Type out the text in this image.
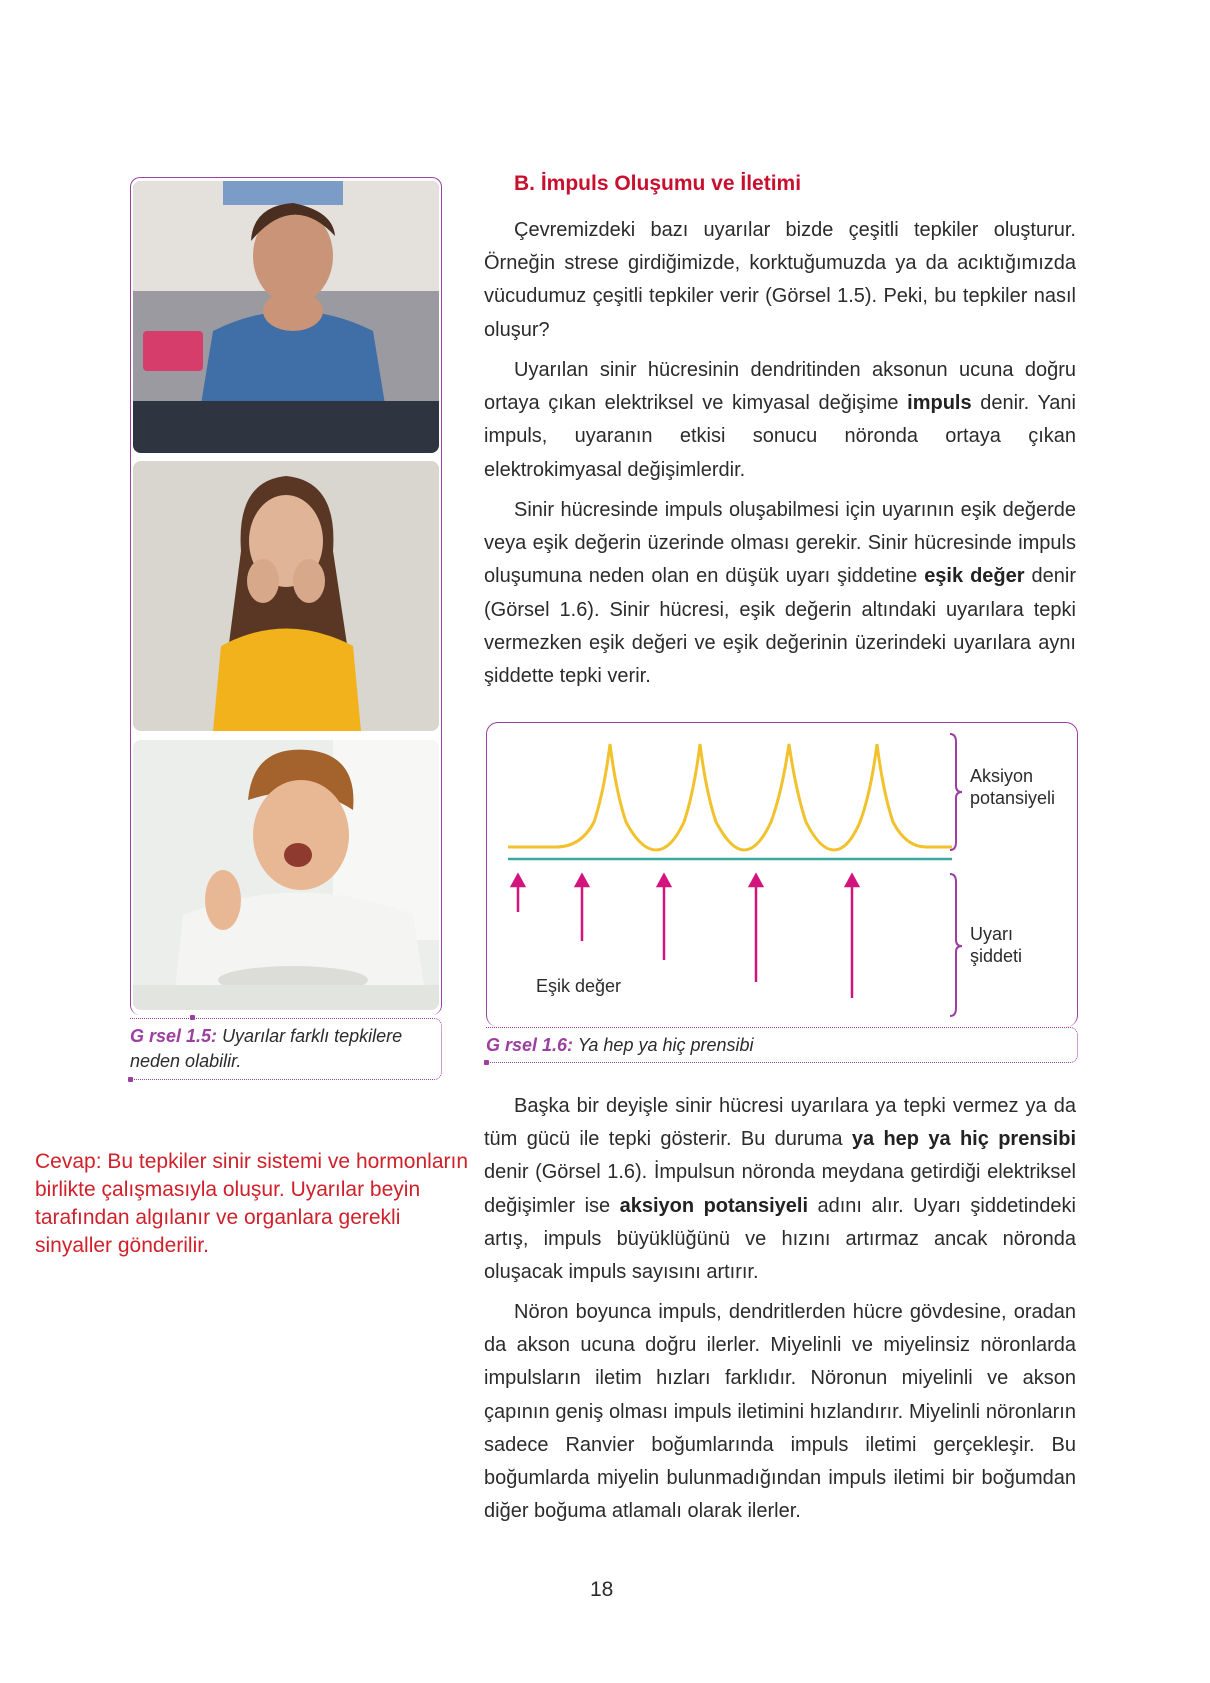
G rsel 1.5: Uyarılar farklı tepkilere neden olabilir.
Cevap: Bu tepkiler sinir sistemi ve hormonların birlikte çalışmasıyla oluşur. Uyarılar beyin tarafından algılanır ve organlara gerekli sinyaller gönderilir.
B. İmpuls Oluşumu ve İletimi

Çevremizdeki bazı uyarılar bizde çeşitli tepkiler oluşturur. Örneğin strese girdiğimizde, korktuğumuzda ya da acıktığımızda vücudumuz çeşitli tepkiler verir (Görsel 1.5). Peki, bu tepkiler nasıl oluşur?

Uyarılan sinir hücresinin dendritinden aksonun ucuna doğru ortaya çıkan elektriksel ve kimyasal değişime impuls denir. Yani impuls, uyaranın etkisi sonucu nöronda ortaya çıkan elektrokimyasal değişimlerdir.

Sinir hücresinde impuls oluşabilmesi için uyarının eşik değerde veya eşik değerin üzerinde olması gerekir. Sinir hücresinde impuls oluşumuna neden olan en düşük uyarı şiddetine eşik değer denir (Görsel 1.6). Sinir hücresi, eşik değerin altındaki uyarılara tepki vermezken eşik değeri ve eşik değerinin üzerindeki uyarılara aynı şiddette tepki verir.

Aksiyon
potansiyeli
Uyarı
şiddeti
Eşik değer
G rsel 1.6: Ya hep ya hiç prensibi

Başka bir deyişle sinir hücresi uyarılara ya tepki vermez ya da tüm gücü ile tepki gösterir. Bu duruma ya hep ya hiç prensibi denir (Görsel 1.6). İmpulsun nöronda meydana getirdiği elektriksel değişimler ise aksiyon potansiyeli adını alır. Uyarı şiddetindeki artış, impuls büyüklüğünü ve hızını artırmaz ancak nöronda oluşacak impuls sayısını artırır.

Nöron boyunca impuls, dendritlerden hücre gövdesine, oradan da akson ucuna doğru ilerler. Miyelinli ve miyelinsiz nöronlarda impulsların iletim hızları farklıdır. Nöronun miyelinli ve akson çapının geniş olması impuls iletimini hızlandırır. Miyelinli nöronların sadece Ranvier boğumlarında impuls iletimi gerçekleşir. Bu boğumlarda miyelin bulunmadığından impuls iletimi bir boğumdan diğer boğuma atlamalı olarak ilerler.

18
